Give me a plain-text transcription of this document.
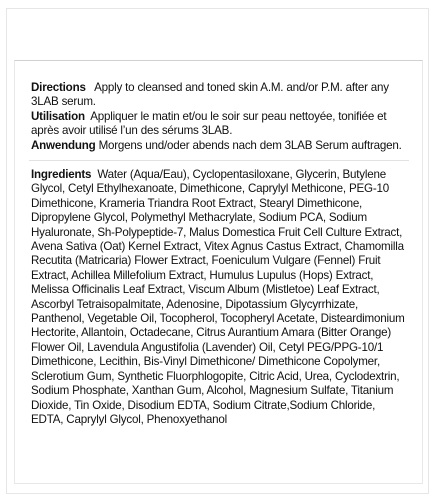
Directions Apply to cleansed and toned skin A.M. and/or P.M. after any 3LAB serum.

Utilisation Appliquer le matin et/ou le soir sur peau nettoyée, tonifiée et après avoir utilisé l’un des sérums 3LAB.

Anwendung Morgens und/oder abends nach dem 3LAB Serum auftragen.

Ingredients Water (Aqua/Eau), Cyclopentasiloxane, Glycerin, Butylene Glycol, Cetyl Ethylhexanoate, Dimethicone, Caprylyl Methicone, PEG-10 Dimethicone, Krameria Triandra Root Extract, Stearyl Dimethicone, Dipropylene Glycol, Polymethyl Methacrylate, Sodium PCA, Sodium Hyaluronate, Sh-Polypeptide-7, Malus Domestica Fruit Cell Culture Extract, Avena Sativa (Oat) Kernel Extract, Vitex Agnus Castus Extract, Chamomilla Recutita (Matricaria) Flower Extract, Foeniculum Vulgare (Fennel) Fruit Extract, Achillea Millefolium Extract, Humulus Lupulus (Hops) Extract, Melissa Officinalis Leaf Extract, Viscum Album (Mistletoe) Leaf Extract, Ascorbyl Tetraisopalmitate, Adenosine, Dipotassium Glycyrrhizate, Panthenol, Vegetable Oil, Tocopherol, Tocopheryl Acetate, Disteardimonium Hectorite, Allantoin, Octadecane, Citrus Aurantium Amara (Bitter Orange) Flower Oil, Lavendula Angustifolia (Lavender) Oil, Cetyl PEG/PPG-10/1 Dimethicone, Lecithin, Bis-Vinyl Dimethicone/ Dimethicone Copolymer, Sclerotium Gum, Synthetic Fluorphlogopite, Citric Acid, Urea, Cyclodextrin, Sodium Phosphate, Xanthan Gum, Alcohol, Magnesium Sulfate, Titanium Dioxide, Tin Oxide, Disodium EDTA, Sodium Citrate,Sodium Chloride, EDTA, Caprylyl Glycol, Phenoxyethanol
